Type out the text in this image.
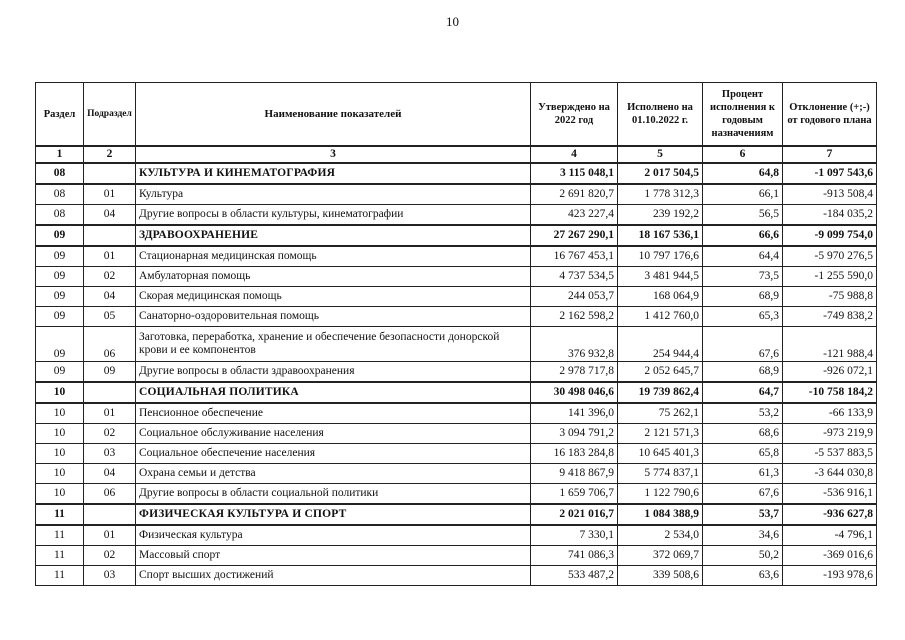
10
Раздел	Подраздел	Наименование показателей	Утверждено на 2022 год	Исполнено на 01.10.2022 г.	Процент исполнения к годовым назначениям	Отклонение (+;-) от годового плана
1	2	3	4	5	6	7
08		КУЛЬТУРА И КИНЕМАТОГРАФИЯ	3 115 048,1	2 017 504,5	64,8	-1 097 543,6
08	01	Культура	2 691 820,7	1 778 312,3	66,1	-913 508,4
08	04	Другие вопросы в области культуры, кинематографии	423 227,4	239 192,2	56,5	-184 035,2
09		ЗДРАВООХРАНЕНИЕ	27 267 290,1	18 167 536,1	66,6	-9 099 754,0
09	01	Стационарная медицинская помощь	16 767 453,1	10 797 176,6	64,4	-5 970 276,5
09	02	Амбулаторная помощь	4 737 534,5	3 481 944,5	73,5	-1 255 590,0
09	04	Скорая медицинская помощь	244 053,7	168 064,9	68,9	-75 988,8
09	05	Санаторно-оздоровительная помощь	2 162 598,2	1 412 760,0	65,3	-749 838,2
09	06	Заготовка, переработка, хранение и обеспечение безопасности донорской крови и ее компонентов	376 932,8	254 944,4	67,6	-121 988,4
09	09	Другие вопросы в области здравоохранения	2 978 717,8	2 052 645,7	68,9	-926 072,1
10		СОЦИАЛЬНАЯ ПОЛИТИКА	30 498 046,6	19 739 862,4	64,7	-10 758 184,2
10	01	Пенсионное обеспечение	141 396,0	75 262,1	53,2	-66 133,9
10	02	Социальное обслуживание населения	3 094 791,2	2 121 571,3	68,6	-973 219,9
10	03	Социальное обеспечение населения	16 183 284,8	10 645 401,3	65,8	-5 537 883,5
10	04	Охрана семьи и детства	9 418 867,9	5 774 837,1	61,3	-3 644 030,8
10	06	Другие вопросы в области социальной политики	1 659 706,7	1 122 790,6	67,6	-536 916,1
11		ФИЗИЧЕСКАЯ КУЛЬТУРА И СПОРТ	2 021 016,7	1 084 388,9	53,7	-936 627,8
11	01	Физическая культура	7 330,1	2 534,0	34,6	-4 796,1
11	02	Массовый спорт	741 086,3	372 069,7	50,2	-369 016,6
11	03	Спорт высших достижений	533 487,2	339 508,6	63,6	-193 978,6
